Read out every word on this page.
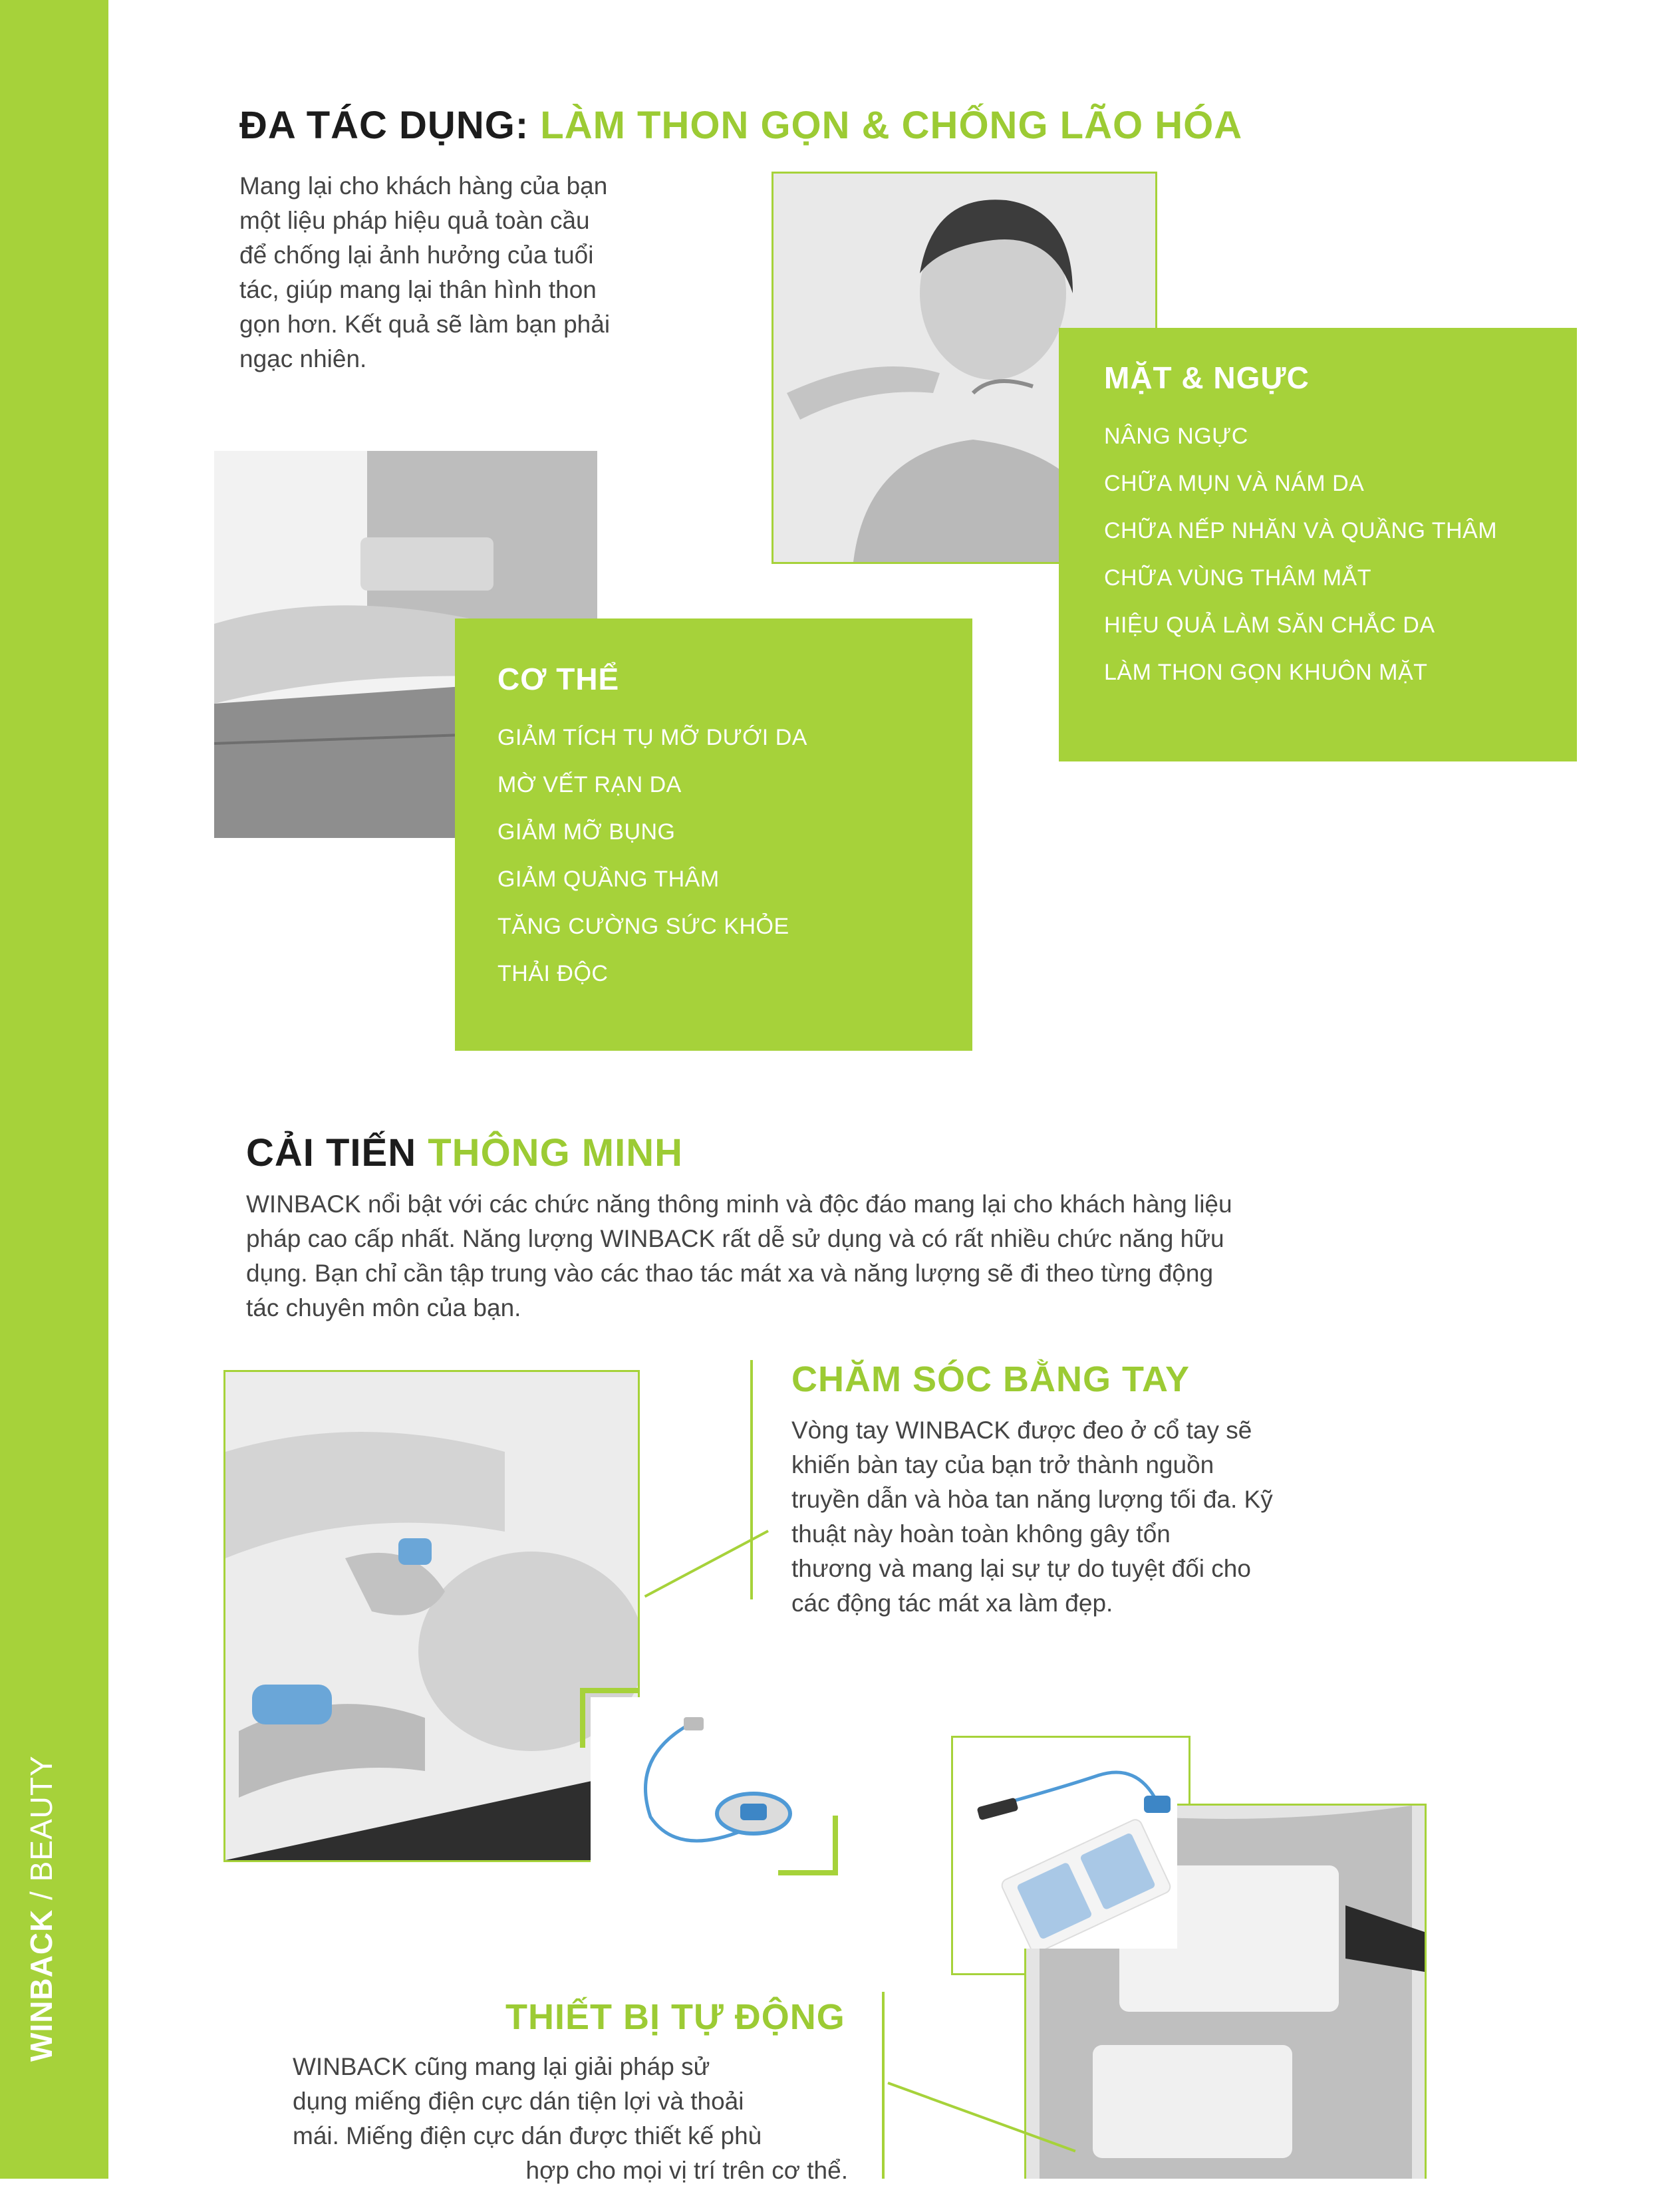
WINBACK / BEAUTY
ĐA TÁC DỤNG: LÀM THON GỌN & CHỐNG LÃO HÓA

Mang lại cho khách hàng của bạn

một liệu pháp hiệu quả toàn cầu

để chống lại ảnh hưởng của tuổi

tác, giúp mang lại thân hình thon

gọn hơn. Kết quả sẽ làm bạn phải

ngạc nhiên.

MẶT & NGỰC

NÂNG NGỰC

CHỮA MỤN VÀ NÁM DA

CHỮA NẾP NHĂN VÀ QUẦNG THÂM

CHỮA VÙNG THÂM MẮT

HIỆU QUẢ LÀM SĂN CHẮC DA

LÀM THON GỌN KHUÔN MẶT

CƠ THỂ

GIẢM TÍCH TỤ MỠ DƯỚI DA

MỜ VẾT RẠN DA

GIẢM MỠ BỤNG

GIẢM QUẦNG THÂM

TĂNG CƯỜNG SỨC KHỎE

THẢI ĐỘC

CẢI TIẾN THÔNG MINH

WINBACK nổi bật với các chức năng thông minh và độc đáo mang lại cho khách hàng liệu

pháp cao cấp nhất. Năng lượng WINBACK rất dễ sử dụng và có rất nhiều chức năng hữu

dụng. Bạn chỉ cần tập trung vào các thao tác mát xa và năng lượng sẽ đi theo từng động

tác chuyên môn của bạn.

CHĂM SÓC BẰNG TAY

Vòng tay WINBACK được đeo ở cổ tay sẽ

khiến bàn tay của bạn trở thành nguồn

truyền dẫn và hòa tan năng lượng tối đa. Kỹ

thuật này hoàn toàn không gây tổn

thương và mang lại sự tự do tuyệt đối cho

các động tác mát xa làm đẹp.

THIẾT BỊ TỰ ĐỘNG

WINBACK cũng mang lại giải pháp sử

dụng miếng điện cực dán tiện lợi và thoải

mái. Miếng điện cực dán được thiết kế phù

hợp cho mọi vị trí trên cơ thể.
